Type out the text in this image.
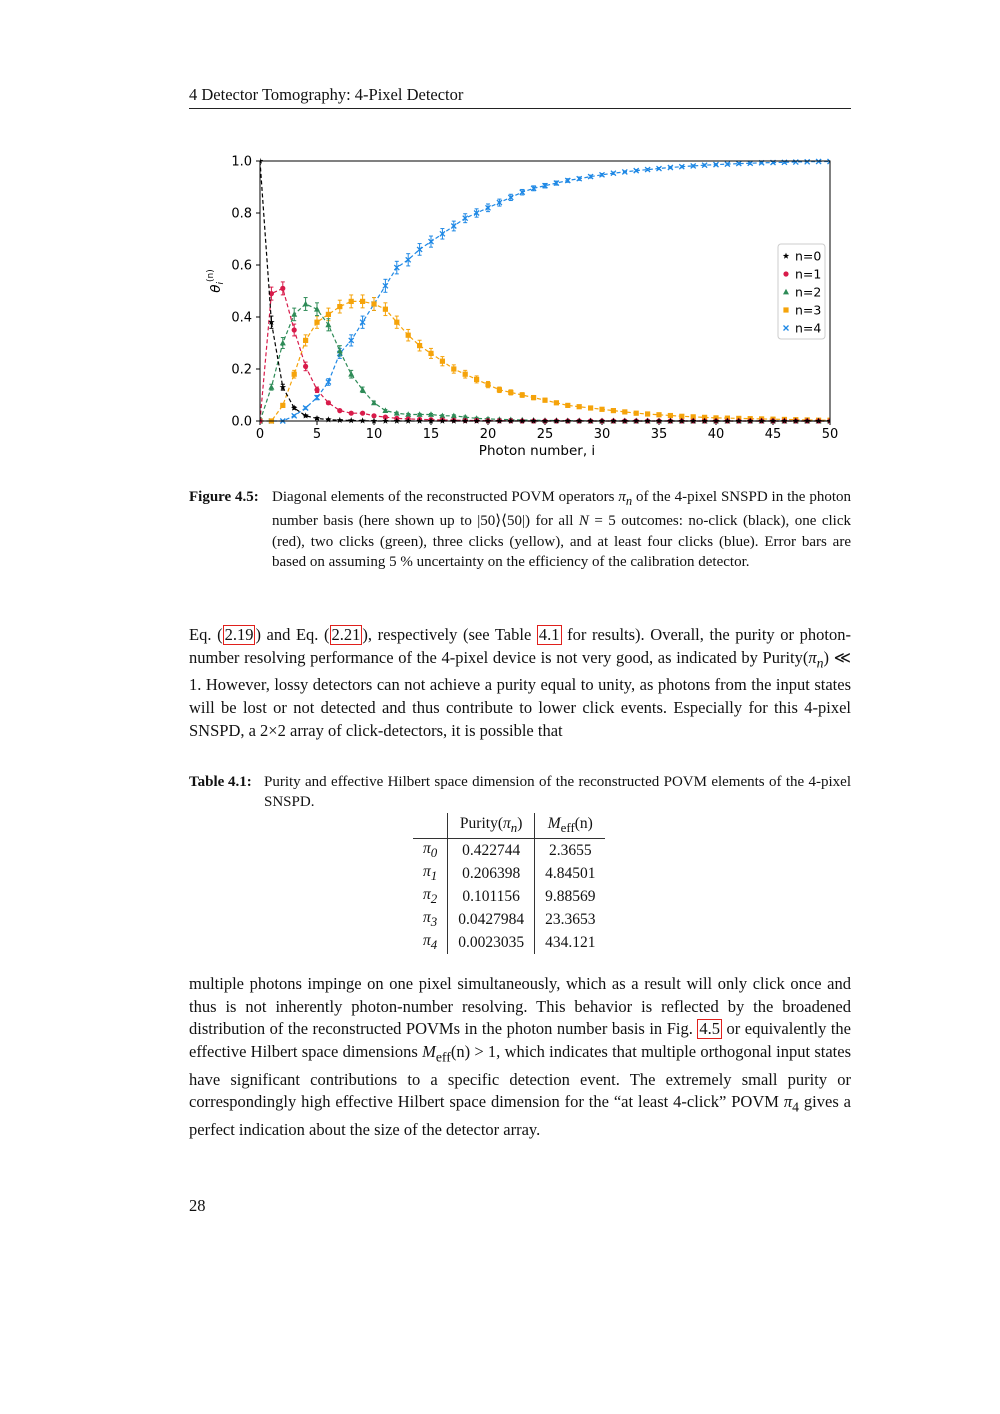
4 Detector Tomography: 4-Pixel Detector
0	5	10	15	20	25	30	35	40	45	50
0.0
0.2
0.4
0.6
0.8
1.0
Photon number, i
$\theta_i^{(n)}$
n=0
n=1
n=2
n=3
n=4
Figure 4.5: Diagonal elements of the reconstructed POVM operators $\pi_n$ of the 4-pixel SNSPD in the photon number basis (here shown up to |50⟩⟨50|) for all N = 5 outcomes: no-click (black), one click (red), two clicks (green), three clicks (yellow), and at least four clicks (blue). Error bars are based on assuming 5 % uncertainty on the efficiency of the calibration detector.

Eq. ( 2.19 ) and Eq. ( 2.21 ), respectively (see Table 4.1 for results). Overall, the purity or photon-number resolving performance of the 4-pixel device is not very good, as indicated by $Purity(\pi_n)$ ≪ 1. However, lossy detectors can not achieve a purity equal to unity, as photons from the input states will be lost or not detected and thus contribute to lower click events. Especially for this 4-pixel SNSPD, a 2×2 array of click-detectors, it is possible that

Table 4.1: Purity and effective Hilbert space dimension of the reconstructed POVM elements of the 4-pixel SNSPD.
	$Purity(\pi_n)$	$M_{eff}(n)$
$\pi_0$	0.422744	2.3655
$\pi_1$	0.206398	4.84501
$\pi_2$	0.101156	9.88569
$\pi_3$	0.0427984	23.3653
$\pi_4$	0.0023035	434.121

multiple photons impinge on one pixel simultaneously, which as a result will only click once and thus is not inherently photon-number resolving. This behavior is reflected by the broadened distribution of the reconstructed POVMs in the photon number basis in Fig. 4.5 or equivalently the effective Hilbert space dimensions $M_{eff}(n) > 1$, which indicates that multiple orthogonal input states have significant contributions to a specific detection event. The extremely small purity or correspondingly high effective Hilbert space dimension for the “at least 4-click” POVM $\pi_4$ gives a perfect indication about the size of the detector array.

28
